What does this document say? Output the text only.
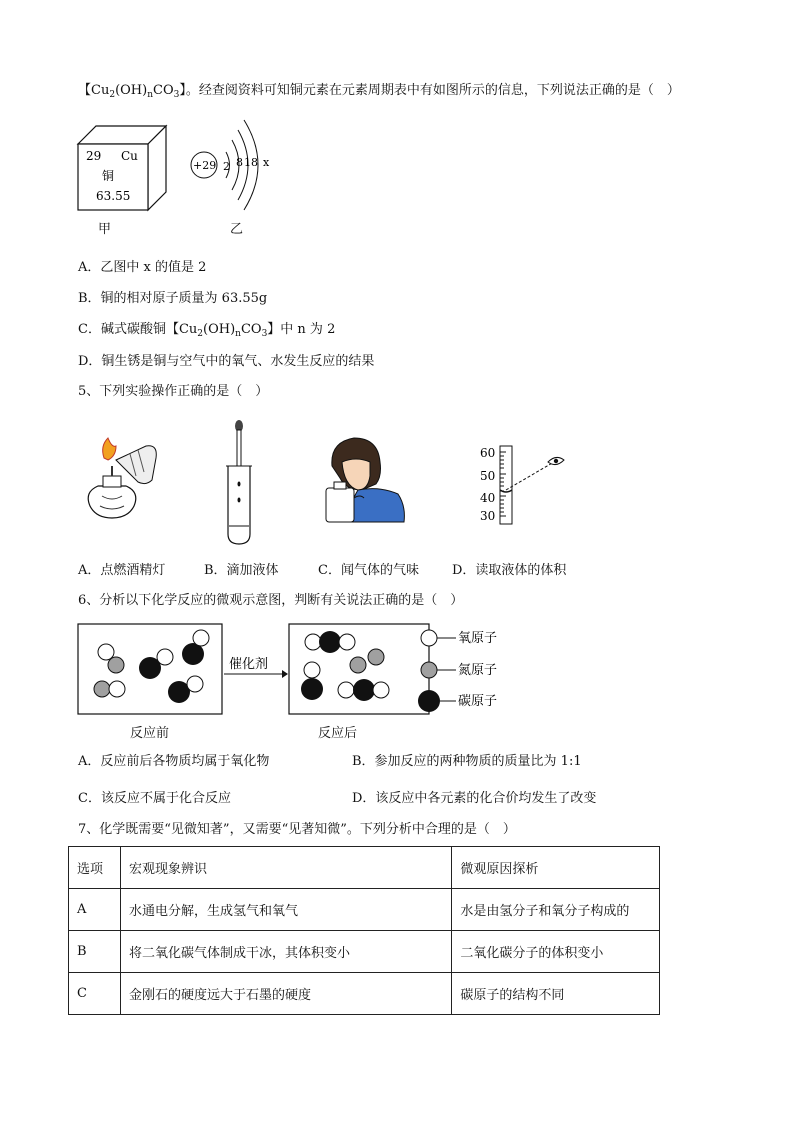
【$Cu_2(OH)_nCO_3$】。经查阅资料可知铜元素在元素周期表中有如图所示的信息，下列说法正确的是（　）
29 Cu
铜
63.55
甲
+29 2 8 18 x
乙
A．乙图中 x 的值是 2
B．铜的相对原子质量为 63.55g
C．碱式碳酸铜【$Cu_2(OH)_nCO_3$】中 n 为 2
D．铜生锈是铜与空气中的氧气、水发生反应的结果
5、下列实验操作正确的是（　）
60
50
40
30
A．点燃酒精灯	B．滴加液体	C．闻气体的气味	D．读取液体的体积
6、分析以下化学反应的微观示意图，判断有关说法正确的是（　）
催化剂
氧原子
氮原子
碳原子
反应前	反应后
A．反应前后各物质均属于氧化物	B．参加反应的两种物质的质量比为 1:1
C．该反应不属于化合反应	D．该反应中各元素的化合价均发生了改变
7、化学既需要“见微知著”，又需要“见著知微”。下列分析中合理的是（　）
选项	宏观现象辨识	微观原因探析
A	水通电分解，生成氢气和氧气	水是由氢分子和氧分子构成的
B	将二氧化碳气体制成干冰，其体积变小	二氧化碳分子的体积变小
C	金刚石的硬度远大于石墨的硬度	碳原子的结构不同
